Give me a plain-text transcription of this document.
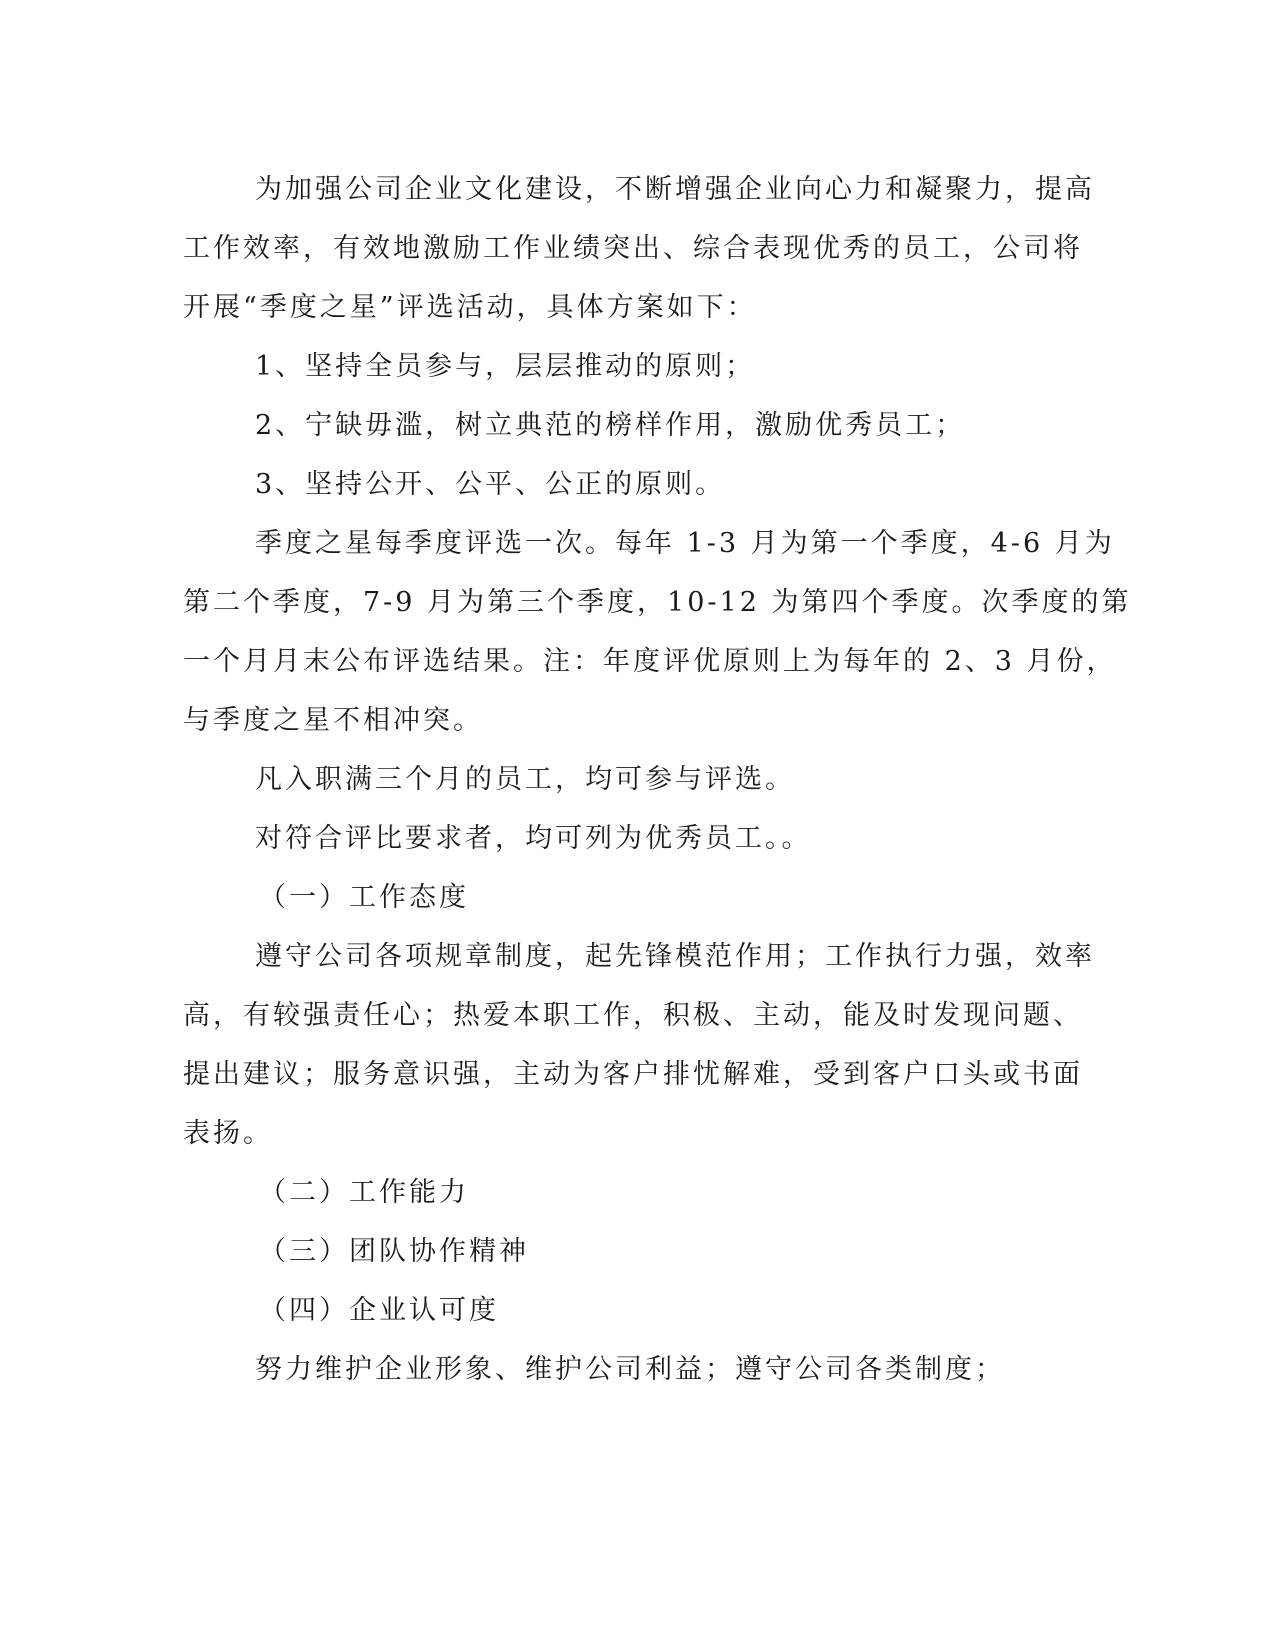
为加强公司企业文化建设，不断增强企业向心力和凝聚力，提高
工作效率，有效地激励工作业绩突出、综合表现优秀的员工，公司将
开展“季度之星”评选活动，具体方案如下：
1、坚持全员参与，层层推动的原则；
2、宁缺毋滥，树立典范的榜样作用，激励优秀员工；
3、坚持公开、公平、公正的原则。
季度之星每季度评选一次。每年 1-3 月为第一个季度，4-6 月为
第二个季度，7-9 月为第三个季度，10-12 为第四个季度。次季度的第
一个月月末公布评选结果。注：年度评优原则上为每年的 2、3 月份，
与季度之星不相冲突。
凡入职满三个月的员工，均可参与评选。
对符合评比要求者，均可列为优秀员工。。
（一）工作态度
遵守公司各项规章制度，起先锋模范作用；工作执行力强，效率
高，有较强责任心；热爱本职工作，积极、主动，能及时发现问题、
提出建议；服务意识强，主动为客户排忧解难，受到客户口头或书面
表扬。
（二）工作能力
（三）团队协作精神
（四）企业认可度
努力维护企业形象、维护公司利益；遵守公司各类制度；
